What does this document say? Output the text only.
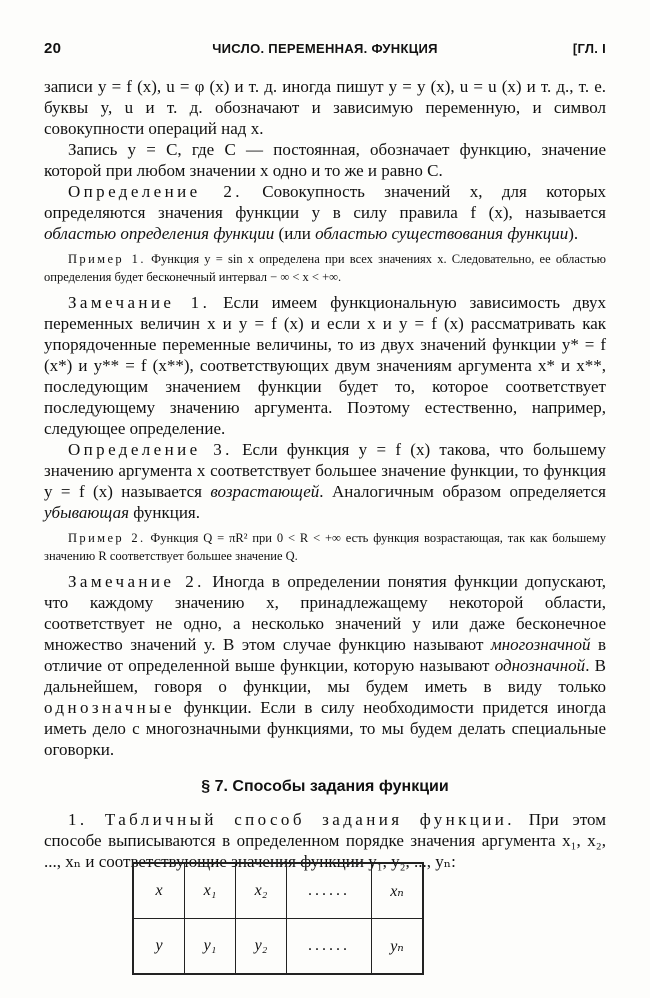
20	ЧИСЛО. ПЕРЕМЕННАЯ. ФУНКЦИЯ	[ГЛ. I

записи y = f (x), u = φ (x) и т. д. иногда пишут y = y (x), u = u (x) и т. д., т. е. буквы y, u и т. д. обозначают и зависимую переменную, и символ совокупности операций над x.

Запись y = C, где C — постоянная, обозначает функцию, значение которой при любом значении x одно и то же и равно C.

Определение 2. Совокупность значений x, для которых определяются значения функции y в силу правила f (x), называется областью определения функции (или областью существования функции).

Пример 1. Функция y = sin x определена при всех значениях x. Следовательно, ее областью определения будет бесконечный интервал − ∞ < x < +∞.

Замечание 1. Если имеем функциональную зависимость двух переменных величин x и y = f (x) и если x и y = f (x) рассматривать как упорядоченные переменные величины, то из двух значений функции y* = f (x*) и y** = f (x**), соответствующих двум значениям аргумента x* и x**, последующим значением функции будет то, которое соответствует последующему значению аргумента. Поэтому естественно, например, следующее определение.

Определение 3. Если функция y = f (x) такова, что большему значению аргумента x соответствует большее значение функции, то функция y = f (x) называется возрастающей. Аналогичным образом определяется убывающая функция.

Пример 2. Функция Q = πR² при 0 < R < +∞ есть функция возрастающая, так как большему значению R соответствует большее значение Q.

Замечание 2. Иногда в определении понятия функции допускают, что каждому значению x, принадлежащему некоторой области, соответствует не одно, а несколько значений y или даже бесконечное множество значений y. В этом случае функцию называют многозначной в отличие от определенной выше функции, которую называют однозначной. В дальнейшем, говоря о функции, мы будем иметь в виду только однозначные функции. Если в силу необходимости придется иногда иметь дело с многозначными функциями, то мы будем делать специальные оговорки.

§ 7. Способы задания функции

1. Табличный способ задания функции. При этом способе выписываются в определенном порядке значения аргумента x₁, x₂, ..., xₙ и соответствующие значения функции y₁, y₂, ..., yₙ:

x	x₁	x₂	......	xₙ
y	y₁	y₂	......	yₙ
